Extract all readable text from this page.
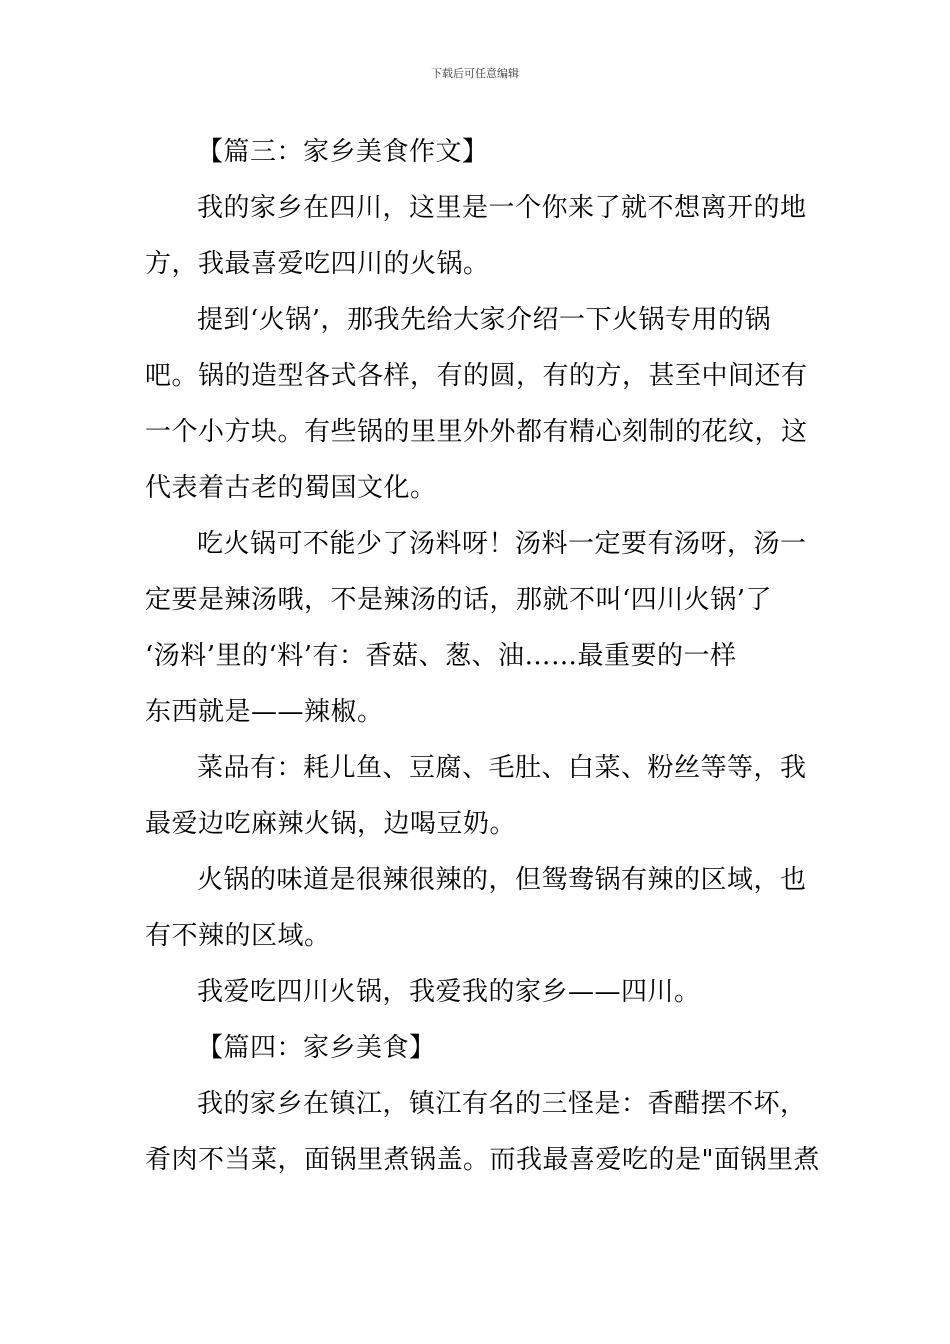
下载后可任意编辑
【篇三：家乡美食作文】
我的家乡在四川，这里是一个你来了就不想离开的地
方，我最喜爱吃四川的火锅。
提到‘火锅’，那我先给大家介绍一下火锅专用的锅
吧。锅的造型各式各样，有的圆，有的方，甚至中间还有
一个小方块。有些锅的里里外外都有精心刻制的花纹，这
代表着古老的蜀国文化。
吃火锅可不能少了汤料呀！汤料一定要有汤呀，汤一
定要是辣汤哦，不是辣汤的话，那就不叫‘四川火锅’了
‘汤料’里的‘料’有：香菇、葱、油……最重要的一样
东西就是——辣椒。
菜品有：耗儿鱼、豆腐、毛肚、白菜、粉丝等等，我
最爱边吃麻辣火锅，边喝豆奶。
火锅的味道是很辣很辣的，但鸳鸯锅有辣的区域，也
有不辣的区域。
我爱吃四川火锅，我爱我的家乡——四川。
【篇四：家乡美食】
我的家乡在镇江，镇江有名的三怪是：香醋摆不坏，
肴肉不当菜，面锅里煮锅盖。而我最喜爱吃的是"面锅里煮
